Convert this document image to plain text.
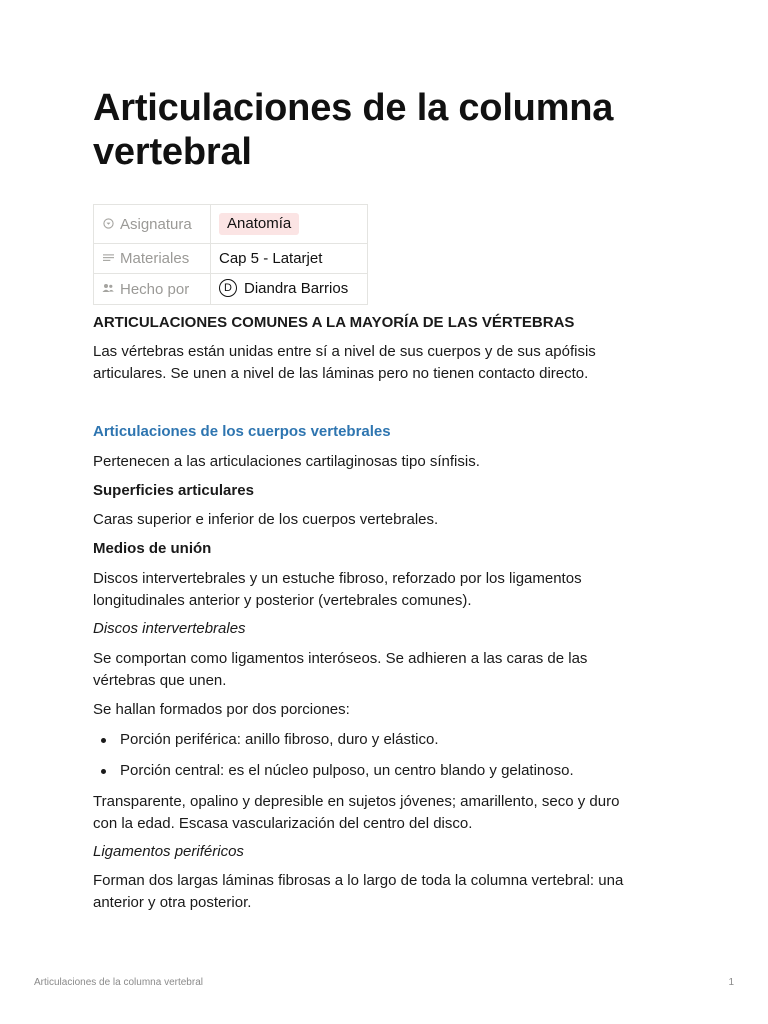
Articulaciones de la columna vertebral
Asignatura	Anatomía
Materiales	Cap 5 - Latarjet
Hecho por	D Diandra Barrios

ARTICULACIONES COMUNES A LA MAYORÍA DE LAS VÉRTEBRAS

Las vértebras están unidas entre sí a nivel de sus cuerpos y de sus apófisis

articulares. Se unen a nivel de las láminas pero no tienen contacto directo.

Articulaciones de los cuerpos vertebrales

Pertenecen a las articulaciones cartilaginosas tipo sínfisis.

Superficies articulares

Caras superior e inferior de los cuerpos vertebrales.

Medios de unión

Discos intervertebrales y un estuche fibroso, reforzado por los ligamentos

longitudinales anterior y posterior (vertebrales comunes).

Discos intervertebrales

Se comportan como ligamentos interóseos. Se adhieren a las caras de las

vértebras que unen.

Se hallan formados por dos porciones:

Porción periférica: anillo fibroso, duro y elástico.
Porción central: es el núcleo pulposo, un centro blando y gelatinoso.

Transparente, opalino y depresible en sujetos jóvenes; amarillento, seco y duro

con la edad. Escasa vascularización del centro del disco.

Ligamentos periféricos

Forman dos largas láminas fibrosas a lo largo de toda la columna vertebral: una

anterior y otra posterior.

Articulaciones de la columna vertebral	1
